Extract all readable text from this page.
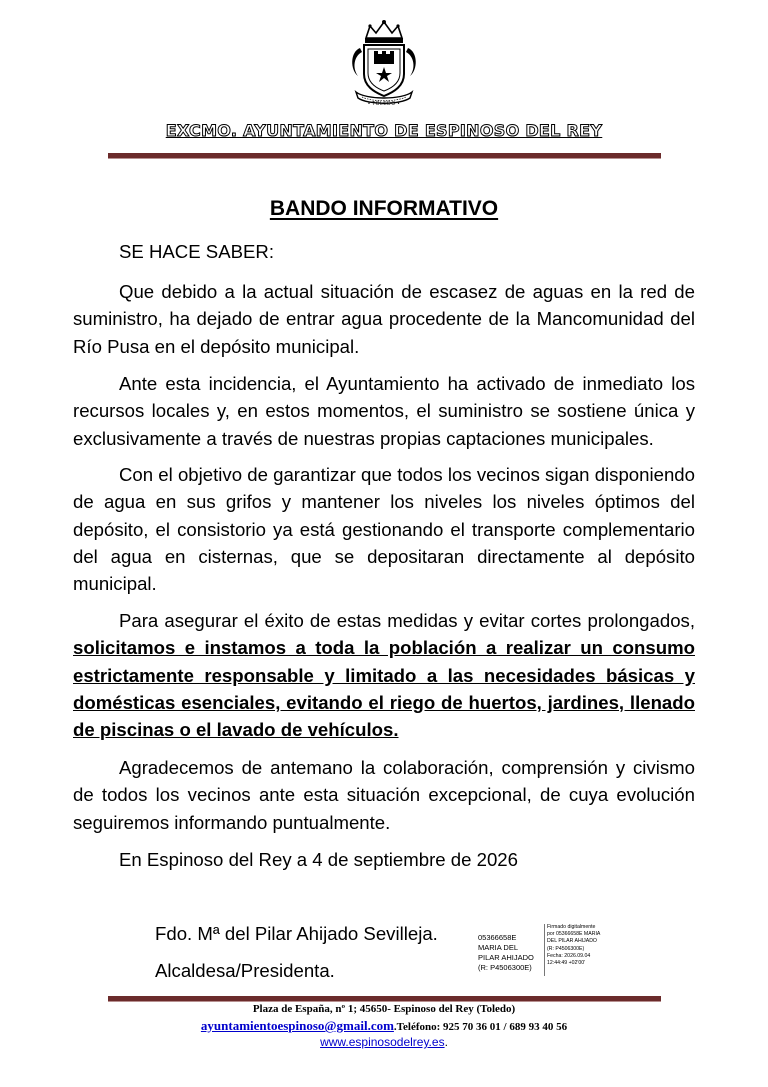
• TOLEDO •
EXCMO. AYUNTAMIENTO DE ESPINOSO DEL REY
BANDO INFORMATIVO
SE HACE SABER:
Que debido a la actual situación de escasez de aguas en la red de suministro, ha dejado de entrar agua procedente de la Mancomunidad del Río Pusa en el depósito municipal.
Ante esta incidencia, el Ayuntamiento ha activado de inmediato los recursos locales y, en estos momentos, el suministro se sostiene única y exclusivamente a través de nuestras propias captaciones municipales.
Con el objetivo de garantizar que todos los vecinos sigan disponiendo de agua en sus grifos y mantener los niveles los niveles óptimos del depósito, el consistorio ya está gestionando el transporte complementario del agua en cisternas, que se depositaran directamente al depósito municipal.
Para asegurar el éxito de estas medidas y evitar cortes prolongados, solicitamos e instamos a toda la población a realizar un consumo estrictamente responsable y limitado a las necesidades básicas y domésticas esenciales, evitando el riego de huertos, jardines, llenado de piscinas o el lavado de vehículos.
Agradecemos de antemano la colaboración, comprensión y civismo de todos los vecinos ante esta situación excepcional, de cuya evolución seguiremos informando puntualmente.
En Espinoso del Rey a 4 de septiembre de 2026
Fdo. Mª del Pilar Ahijado Sevilleja.
Alcaldesa/Presidenta.
05366658E
MARIA DEL
PILAR AHIJADO
(R: P4506300E)
Firmado digitalmente
por 05366658E MARIA
DEL PILAR AHIJADO
(R: P4506300E)
Fecha: 2026.09.04
12:44:49 +02'00'
Plaza de España, nº 1; 45650- Espinoso del Rey (Toledo)
ayuntamientoespinoso@gmail.com.Teléfono: 925 70 36 01 / 689 93 40 56
www.espinosodelrey.es.
